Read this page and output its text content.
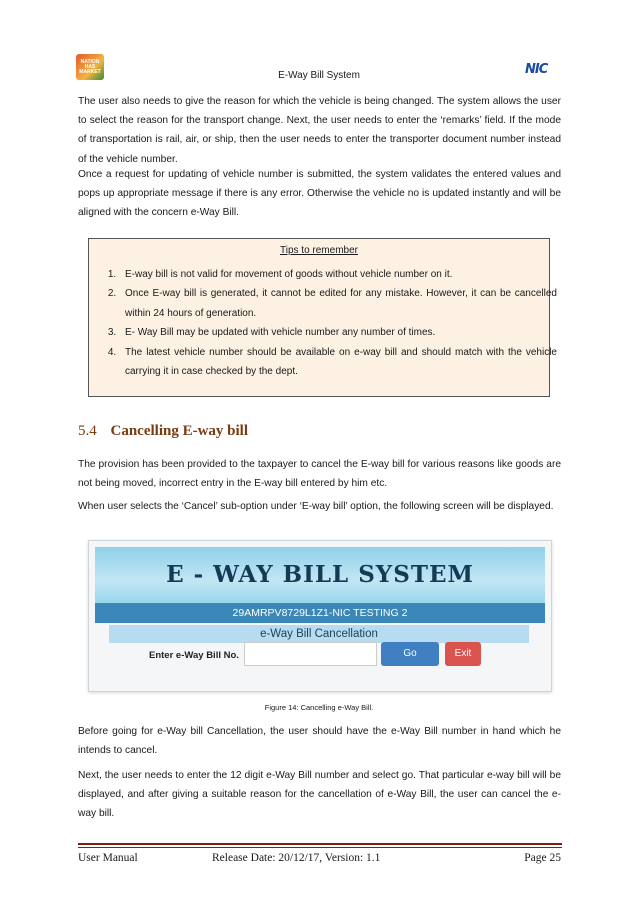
NATION
HAS
MARKET	E-Way Bill System	NIC
The user also needs to give the reason for which the vehicle is being changed. The system allows the user to select the reason for the transport change. Next, the user needs to enter the ‘remarks’ field. If the mode of transportation is rail, air, or ship, then the user needs to enter the transporter document number instead of the vehicle number.
Once a request for updating of vehicle number is submitted, the system validates the entered values and pops up appropriate message if there is any error. Otherwise the vehicle no is updated instantly and will be aligned with the concern e-Way Bill.
Tips to remember
1. E-way bill is not valid for movement of goods without vehicle number on it.
2. Once E-way bill is generated, it cannot be edited for any mistake. However, it can be cancelled within 24 hours of generation.
3. E- Way Bill may be updated with vehicle number any number of times.
4. The latest vehicle number should be available on e-way bill and should match with the vehicle carrying it in case checked by the dept.
5.4 Cancelling E-way bill
The provision has been provided to the taxpayer to cancel the E-way bill for various reasons like goods are not being moved, incorrect entry in the E-way bill entered by him etc.
When user selects the ‘Cancel’ sub-option under ‘E-way bill’ option, the following screen will be displayed.
E - WAY BILL SYSTEM
29AMRPV8729L1Z1-NIC TESTING 2
e-Way Bill Cancellation
Enter e-Way Bill No.	Go	Exit
Figure 14: Cancelling e-Way Bill.
Before going for e-Way bill Cancellation, the user should have the e-Way Bill number in hand which he intends to cancel.
Next, the user needs to enter the 12 digit e-Way Bill number and select go. That particular e-way bill will be displayed, and after giving a suitable reason for the cancellation of e-Way Bill, the user can cancel the e-way bill.
User Manual	Release Date: 20/12/17, Version: 1.1	Page 25
